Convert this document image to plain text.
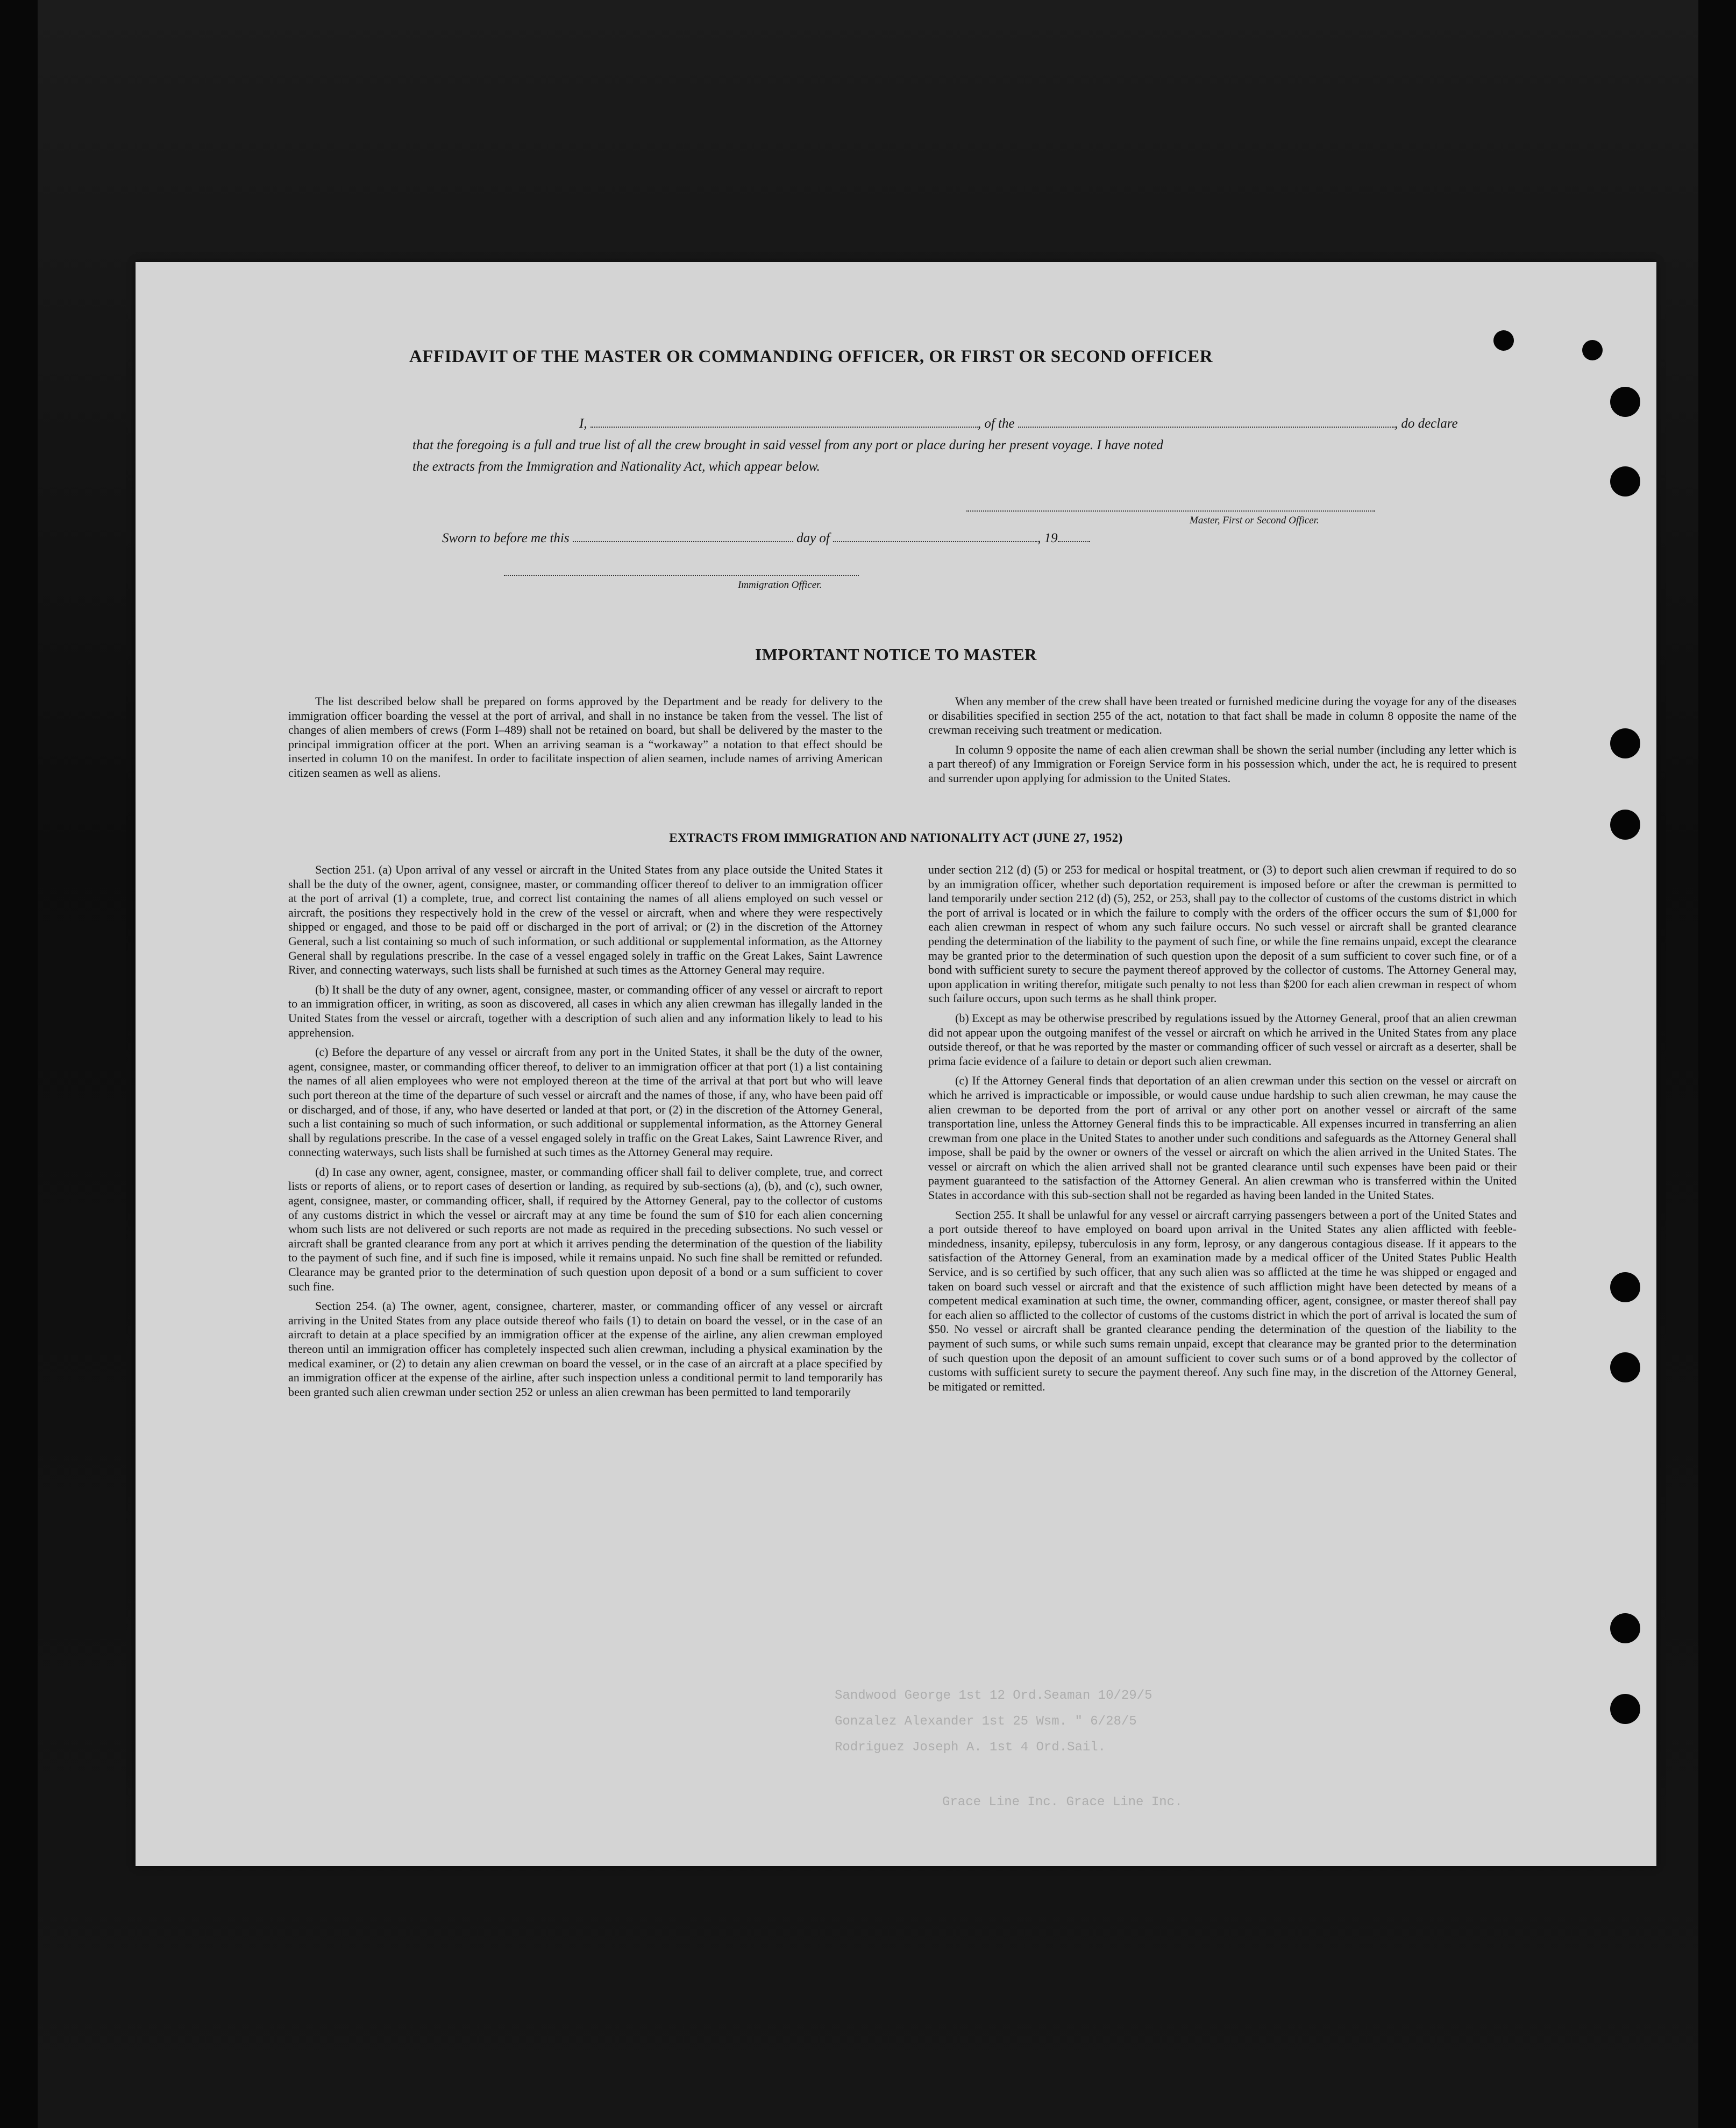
Sandwood George 1st 12 Ord.Seaman 10/29/5
Gonzalez Alexander 1st 25 Wsm. " 6/28/5
Rodriguez Joseph A. 1st 4 Ord.Sail.
Grace Line Inc. Grace Line Inc.
AFFIDAVIT OF THE MASTER OR COMMANDING OFFICER, OR FIRST OR SECOND OFFICER
I,	, of the	, do declare
that the foregoing is a full and true list of all the crew brought in said vessel from any port or place during her present voyage. I have noted
the extracts from the Immigration and Nationality Act, which appear below.
Master, First or Second Officer.
Sworn to before me this	day of	, 19
Immigration Officer.
IMPORTANT NOTICE TO MASTER

The list described below shall be prepared on forms approved by the Department and be ready for delivery to the immigration officer boarding the vessel at the port of arrival, and shall in no instance be taken from the vessel. The list of changes of alien members of crews (Form I–489) shall not be retained on board, but shall be delivered by the master to the principal immigration officer at the port. When an arriving seaman is a “workaway” a notation to that effect should be inserted in column 10 on the manifest. In order to facilitate inspection of alien seamen, include names of arriving American citizen seamen as well as aliens.

When any member of the crew shall have been treated or furnished medicine during the voyage for any of the diseases or disabilities specified in section 255 of the act, notation to that fact shall be made in column 8 opposite the name of the crewman receiving such treatment or medication.

In column 9 opposite the name of each alien crewman shall be shown the serial number (including any letter which is a part thereof) of any Immigration or Foreign Service form in his possession which, under the act, he is required to present and surrender upon applying for admission to the United States.

EXTRACTS FROM IMMIGRATION AND NATIONALITY ACT (JUNE 27, 1952)

Section 251. (a) Upon arrival of any vessel or aircraft in the United States from any place outside the United States it shall be the duty of the owner, agent, consignee, master, or commanding officer thereof to deliver to an immigration officer at the port of arrival (1) a complete, true, and correct list containing the names of all aliens employed on such vessel or aircraft, the positions they respectively hold in the crew of the vessel or aircraft, when and where they were respectively shipped or engaged, and those to be paid off or discharged in the port of arrival; or (2) in the discretion of the Attorney General, such a list containing so much of such information, or such additional or supplemental information, as the Attorney General shall by regulations prescribe. In the case of a vessel engaged solely in traffic on the Great Lakes, Saint Lawrence River, and connecting waterways, such lists shall be furnished at such times as the Attorney General may require.

(b) It shall be the duty of any owner, agent, consignee, master, or commanding officer of any vessel or aircraft to report to an immigration officer, in writing, as soon as discovered, all cases in which any alien crewman has illegally landed in the United States from the vessel or aircraft, together with a description of such alien and any information likely to lead to his apprehension.

(c) Before the departure of any vessel or aircraft from any port in the United States, it shall be the duty of the owner, agent, consignee, master, or commanding officer thereof, to deliver to an immigration officer at that port (1) a list containing the names of all alien employees who were not employed thereon at the time of the arrival at that port but who will leave such port thereon at the time of the departure of such vessel or aircraft and the names of those, if any, who have been paid off or discharged, and of those, if any, who have deserted or landed at that port, or (2) in the discretion of the Attorney General, such a list containing so much of such information, or such additional or supplemental information, as the Attorney General shall by regulations prescribe. In the case of a vessel engaged solely in traffic on the Great Lakes, Saint Lawrence River, and connecting waterways, such lists shall be furnished at such times as the Attorney General may require.

(d) In case any owner, agent, consignee, master, or commanding officer shall fail to deliver complete, true, and correct lists or reports of aliens, or to report cases of desertion or landing, as required by sub-sections (a), (b), and (c), such owner, agent, consignee, master, or commanding officer, shall, if required by the Attorney General, pay to the collector of customs of any customs district in which the vessel or aircraft may at any time be found the sum of $10 for each alien concerning whom such lists are not delivered or such reports are not made as required in the preceding subsections. No such vessel or aircraft shall be granted clearance from any port at which it arrives pending the determination of the question of the liability to the payment of such fine, and if such fine is imposed, while it remains unpaid. No such fine shall be remitted or refunded. Clearance may be granted prior to the determination of such question upon deposit of a bond or a sum sufficient to cover such fine.

Section 254. (a) The owner, agent, consignee, charterer, master, or commanding officer of any vessel or aircraft arriving in the United States from any place outside thereof who fails (1) to detain on board the vessel, or in the case of an aircraft to detain at a place specified by an immigration officer at the expense of the airline, any alien crewman employed thereon until an immigration officer has completely inspected such alien crewman, including a physical examination by the medical examiner, or (2) to detain any alien crewman on board the vessel, or in the case of an aircraft at a place specified by an immigration officer at the expense of the airline, after such inspection unless a conditional permit to land temporarily has been granted such alien crewman under section 252 or unless an alien crewman has been permitted to land temporarily

under section 212 (d) (5) or 253 for medical or hospital treatment, or (3) to deport such alien crewman if required to do so by an immigration officer, whether such deportation requirement is imposed before or after the crewman is permitted to land temporarily under section 212 (d) (5), 252, or 253, shall pay to the collector of customs of the customs district in which the port of arrival is located or in which the failure to comply with the orders of the officer occurs the sum of $1,000 for each alien crewman in respect of whom any such failure occurs. No such vessel or aircraft shall be granted clearance pending the determination of the liability to the payment of such fine, or while the fine remains unpaid, except the clearance may be granted prior to the determination of such question upon the deposit of a sum sufficient to cover such fine, or of a bond with sufficient surety to secure the payment thereof approved by the collector of customs. The Attorney General may, upon application in writing therefor, mitigate such penalty to not less than $200 for each alien crewman in respect of whom such failure occurs, upon such terms as he shall think proper.

(b) Except as may be otherwise prescribed by regulations issued by the Attorney General, proof that an alien crewman did not appear upon the outgoing manifest of the vessel or aircraft on which he arrived in the United States from any place outside thereof, or that he was reported by the master or commanding officer of such vessel or aircraft as a deserter, shall be prima facie evidence of a failure to detain or deport such alien crewman.

(c) If the Attorney General finds that deportation of an alien crewman under this section on the vessel or aircraft on which he arrived is impracticable or impossible, or would cause undue hardship to such alien crewman, he may cause the alien crewman to be deported from the port of arrival or any other port on another vessel or aircraft of the same transportation line, unless the Attorney General finds this to be impracticable. All expenses incurred in transferring an alien crewman from one place in the United States to another under such conditions and safeguards as the Attorney General shall impose, shall be paid by the owner or owners of the vessel or aircraft on which the alien arrived in the United States. The vessel or aircraft on which the alien arrived shall not be granted clearance until such expenses have been paid or their payment guaranteed to the satisfaction of the Attorney General. An alien crewman who is transferred within the United States in accordance with this sub-section shall not be regarded as having been landed in the United States.

Section 255. It shall be unlawful for any vessel or aircraft carrying passengers between a port of the United States and a port outside thereof to have employed on board upon arrival in the United States any alien afflicted with feeble-mindedness, insanity, epilepsy, tuberculosis in any form, leprosy, or any dangerous contagious disease. If it appears to the satisfaction of the Attorney General, from an examination made by a medical officer of the United States Public Health Service, and is so certified by such officer, that any such alien was so afflicted at the time he was shipped or engaged and taken on board such vessel or aircraft and that the existence of such affliction might have been detected by means of a competent medical examination at such time, the owner, commanding officer, agent, consignee, or master thereof shall pay for each alien so afflicted to the collector of customs of the customs district in which the port of arrival is located the sum of $50. No vessel or aircraft shall be granted clearance pending the determination of the question of the liability to the payment of such sums, or while such sums remain unpaid, except that clearance may be granted prior to the determination of such question upon the deposit of an amount sufficient to cover such sums or of a bond approved by the collector of customs with sufficient surety to secure the payment thereof. Any such fine may, in the discretion of the Attorney General, be mitigated or remitted.
